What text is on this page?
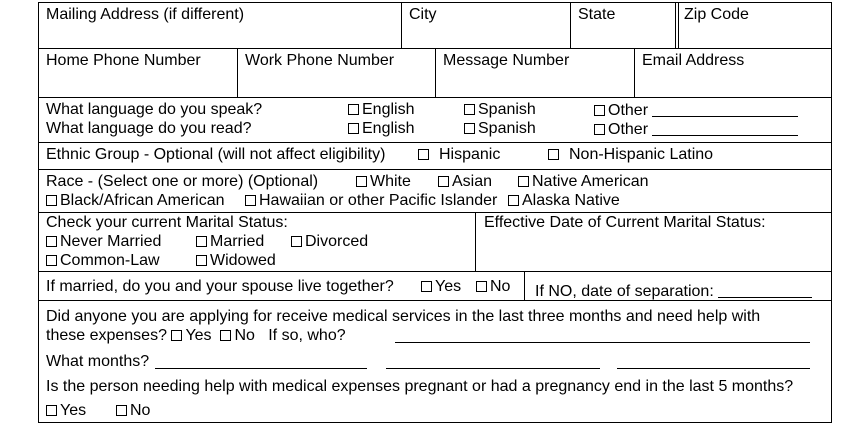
Mailing Address (if different)	City	State	Zip Code
Home Phone Number	Work Phone Number	Message Number	Email Address
What language do you speak?	English	Spanish	Other
What language do you read?	English	Spanish	Other
Ethnic Group - Optional (will not affect eligibility)	Hispanic	Non-Hispanic Latino
Race - (Select one or more) (Optional)	White	Asian	Native American
Black/African American	Hawaiian or other Pacific Islander	Alaska Native
Check your current Marital Status:
Never Married	Married	Divorced
Common-Law	Widowed
Effective Date of Current Marital Status:
If married, do you and your spouse live together?	Yes	No If NO, date of separation:
Did anyone you are applying for receive medical services in the last three months and need help with
these expenses? Yes No If so, who?
What months?
Is the person needing help with medical expenses pregnant or had a pregnancy end in the last 5 months?
Yes	No
